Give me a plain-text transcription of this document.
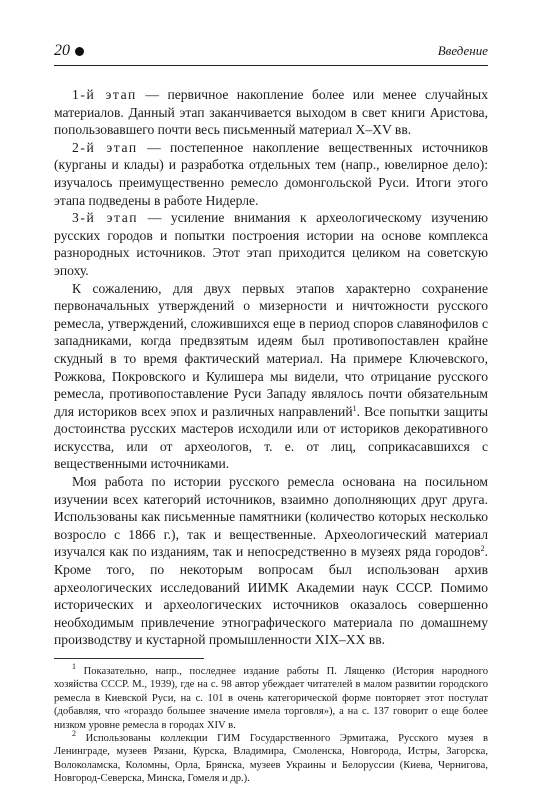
20	Введение

1-й этап — первичное накопление более или менее случайных материалов. Данный этап заканчивается выходом в свет книги Аристова, попользовавшего почти весь письменный материал X–XV вв.

2-й этап — постепенное накопление вещественных источников (курганы и клады) и разработка отдельных тем (напр., ювелирное дело): изучалось преимущественно ремесло домонгольской Руси. Итоги этого этапа подведены в работе Нидерле.

3-й этап — усиление внимания к археологическому изучению русских городов и попытки построения истории на основе комплекса разнородных источников. Этот этап приходится целиком на советскую эпоху.

К сожалению, для двух первых этапов характерно сохранение первоначальных утверждений о мизерности и ничтожности русского ремесла, утверждений, сложившихся еще в период споров славянофилов с западниками, когда предвзятым идеям был противопоставлен крайне скудный в то время фактический материал. На примере Ключевского, Рожкова, Покровского и Кулишера мы видели, что отрицание русского ремесла, противопоставление Руси Западу являлось почти обязательным для историков всех эпох и различных направлений$^1$. Все попытки защиты достоинства русских мастеров исходили или от историков декоративного искусства, или от археологов, т. е. от лиц, соприкасавшихся с вещественными источниками.

Моя работа по истории русского ремесла основана на посильном изучении всех категорий источников, взаимно дополняющих друг друга. Использованы как письменные памятники (количество которых несколько возросло с 1866 г.), так и вещественные. Археологический материал изучался как по изданиям, так и непосредственно в музеях ряда городов$^2$. Кроме того, по некоторым вопросам был использован архив археологических исследований ИИМК Академии наук СССР. Помимо исторических и археологических источников оказалось совершенно необходимым привлечение этнографического материала по домашнему производству и кустарной промышленности XIX–XX вв.

$^1$ Показательно, напр., последнее издание работы П. Лященко (История народного хозяйства СССР. М., 1939), где на с. 98 автор убеждает читателей в малом развитии городского ремесла в Киевской Руси, на с. 101 в очень категорической форме повторяет этот постулат (добавляя, что «гораздо большее значение имела торговля»), а на с. 137 говорит о еще более низком уровне ремесла в городах XIV в.

$^2$ Использованы коллекции ГИМ Государственного Эрмитажа, Русского музея в Ленинграде, музеев Рязани, Курска, Владимира, Смоленска, Новгорода, Истры, Загорска, Волоколамска, Коломны, Орла, Брянска, музеев Украины и Белоруссии (Киева, Чернигова, Новгород-Северска, Минска, Гомеля и др.).
